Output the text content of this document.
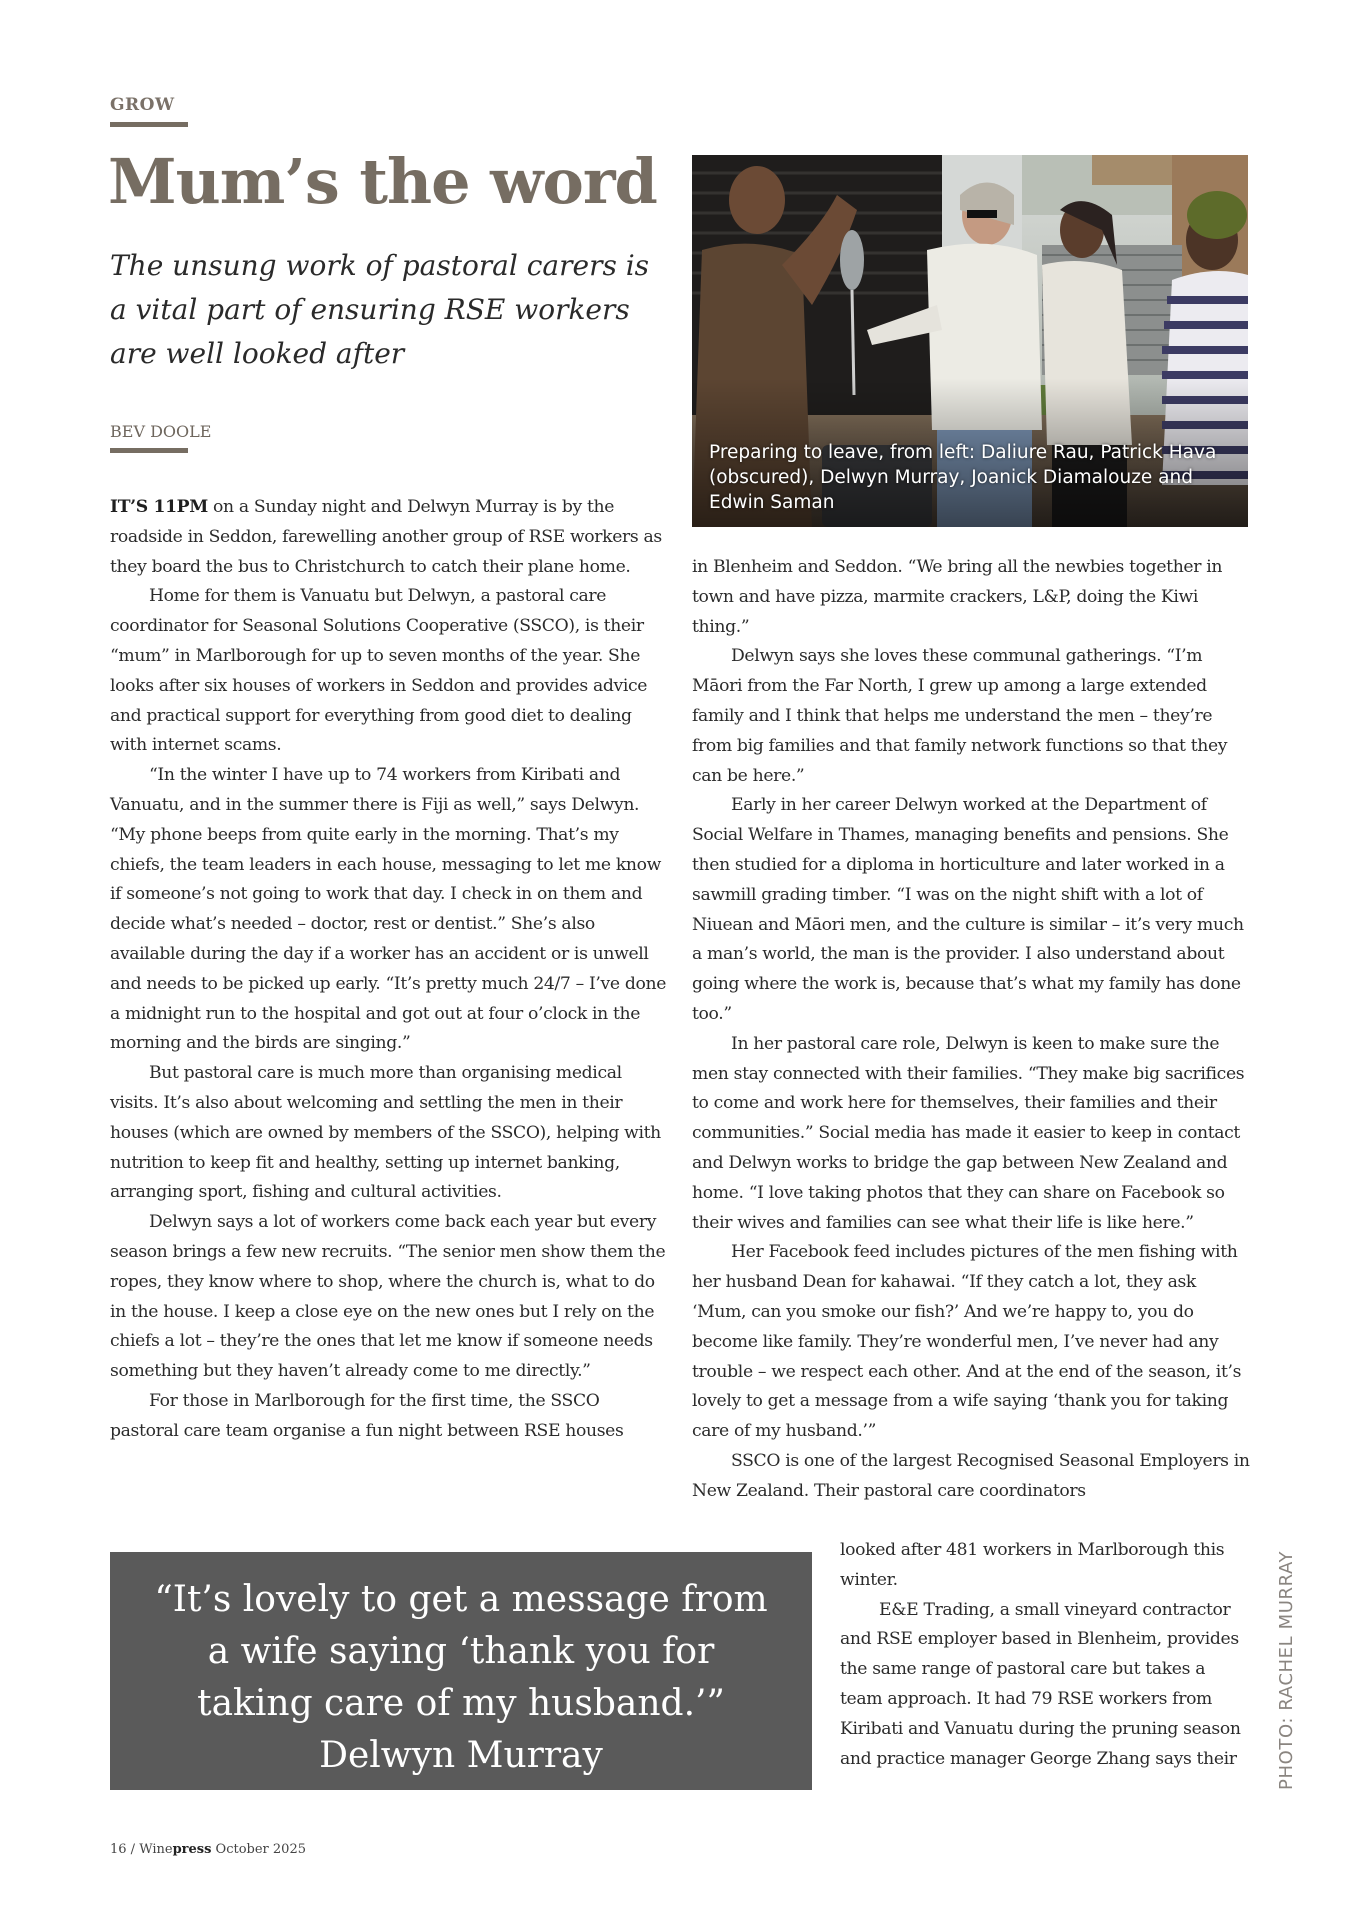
GROW
Mum’s the word

The unsung work of pastoral carers is a vital part of ensuring RSE workers are well looked after

BEV DOOLE
Preparing to leave, from left: Daliure Rau, Patrick Hava (obscured), Delwyn Murray, Joanick Diamalouze and Edwin Saman

IT’S 11PM on a Sunday night and Delwyn Murray is by the roadside in Seddon, farewelling another group of RSE workers as they board the bus to Christchurch to catch their plane home.

Home for them is Vanuatu but Delwyn, a pastoral care coordinator for Seasonal Solutions Cooperative (SSCO), is their “mum” in Marlborough for up to seven months of the year. She looks after six houses of workers in Seddon and provides advice and practical support for everything from good diet to dealing with internet scams.

“In the winter I have up to 74 workers from Kiribati and Vanuatu, and in the summer there is Fiji as well,” says Delwyn. “My phone beeps from quite early in the morning. That’s my chiefs, the team leaders in each house, messaging to let me know if someone’s not going to work that day. I check in on them and decide what’s needed – doctor, rest or dentist.” She’s also available during the day if a worker has an accident or is unwell and needs to be picked up early. “It’s pretty much 24/7 – I’ve done a midnight run to the hospital and got out at four o’clock in the morning and the birds are singing.”

But pastoral care is much more than organising medical visits. It’s also about welcoming and settling the men in their houses (which are owned by members of the SSCO), helping with nutrition to keep fit and healthy, setting up internet banking, arranging sport, fishing and cultural activities.

Delwyn says a lot of workers come back each year but every season brings a few new recruits. “The senior men show them the ropes, they know where to shop, where the church is, what to do in the house. I keep a close eye on the new ones but I rely on the chiefs a lot – they’re the ones that let me know if someone needs something but they haven’t already come to me directly.”

For those in Marlborough for the first time, the SSCO pastoral care team organise a fun night between RSE houses

in Blenheim and Seddon. “We bring all the newbies together in town and have pizza, marmite crackers, L&P, doing the Kiwi thing.”

Delwyn says she loves these communal gatherings. “I’m Māori from the Far North, I grew up among a large extended family and I think that helps me understand the men – they’re from big families and that family network functions so that they can be here.”

Early in her career Delwyn worked at the Department of Social Welfare in Thames, managing benefits and pensions. She then studied for a diploma in horticulture and later worked in a sawmill grading timber. “I was on the night shift with a lot of Niuean and Māori men, and the culture is similar – it’s very much a man’s world, the man is the provider. I also understand about going where the work is, because that’s what my family has done too.”

In her pastoral care role, Delwyn is keen to make sure the men stay connected with their families. “They make big sacrifices to come and work here for themselves, their families and their communities.” Social media has made it easier to keep in contact and Delwyn works to bridge the gap between New Zealand and home. “I love taking photos that they can share on Facebook so their wives and families can see what their life is like here.”

Her Facebook feed includes pictures of the men fishing with her husband Dean for kahawai. “If they catch a lot, they ask ‘Mum, can you smoke our fish?’ And we’re happy to, you do become like family. They’re wonderful men, I’ve never had any trouble – we respect each other. And at the end of the season, it’s lovely to get a message from a wife saying ‘thank you for taking care of my husband.’”

SSCO is one of the largest Recognised Seasonal Employers in New Zealand. Their pastoral care coordinators

looked after 481 workers in Marlborough this winter.

E&E Trading, a small vineyard contractor and RSE employer based in Blenheim, provides the same range of pastoral care but takes a team approach. It had 79 RSE workers from Kiribati and Vanuatu during the pruning season and practice manager George Zhang says their

“It’s lovely to get a message from a wife saying ‘thank you for taking care of my husband.’”
Delwyn Murray	PHOTO: RACHEL MURRAY
16 / Winepress October 2025
